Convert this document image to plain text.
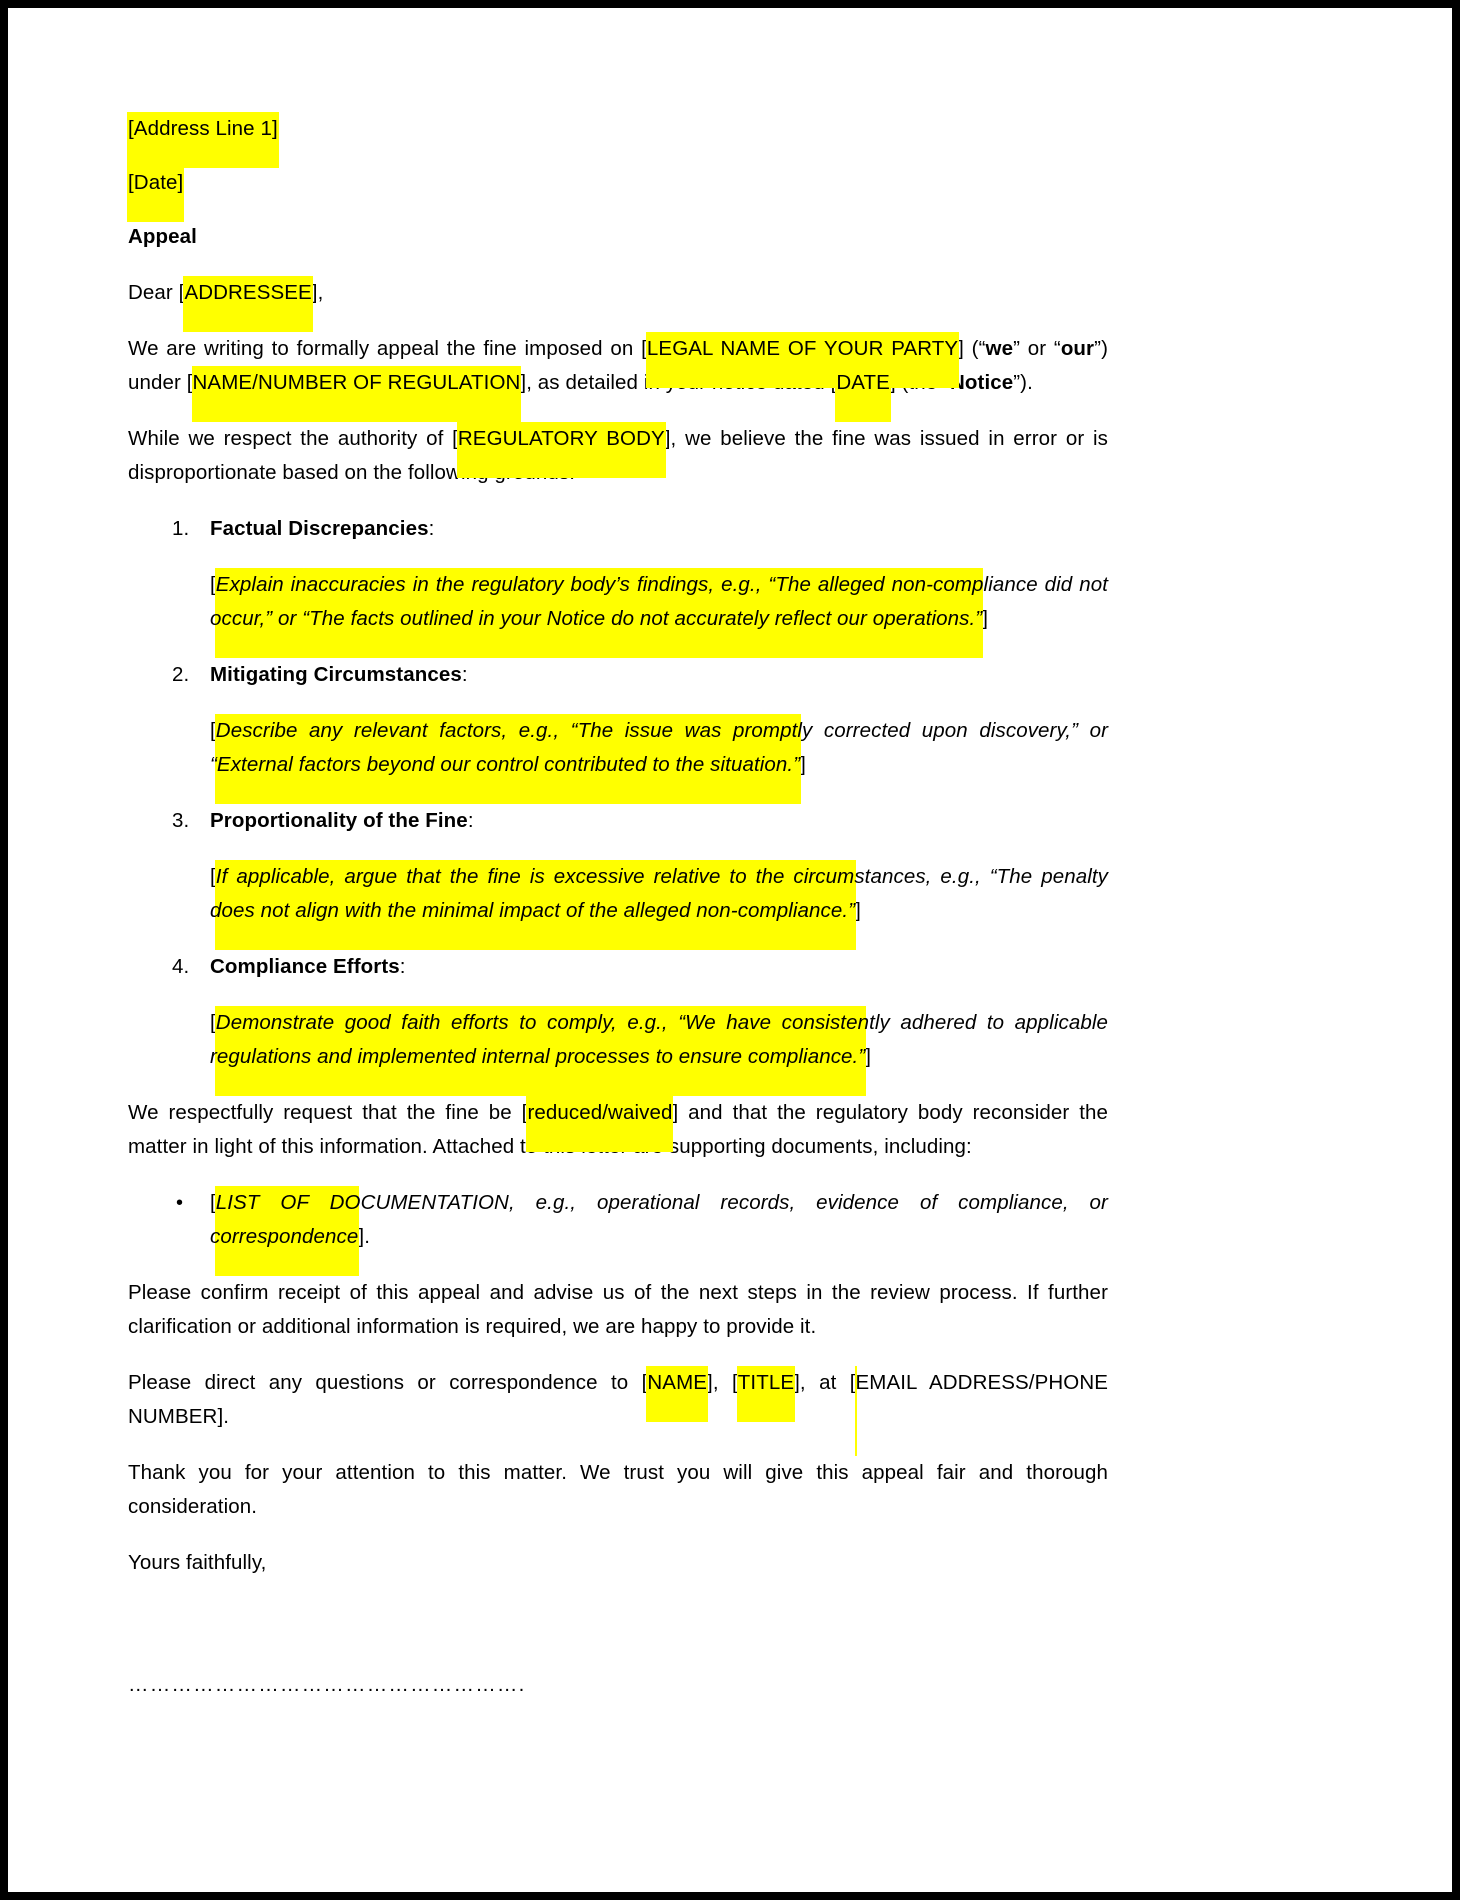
[Address Line 1]

[Date]

Appeal

Dear [ADDRESSEE],

We are writing to formally appeal the fine imposed on [LEGAL NAME OF YOUR PARTY] (“we” or “our”) under [NAME/NUMBER OF REGULATION], as detailed in your notice dated [DATE] (the “Notice”).

While we respect the authority of [REGULATORY BODY], we believe the fine was issued in error or is disproportionate based on the following grounds:

1. Factual Discrepancies:

[Explain inaccuracies in the regulatory body’s findings, e.g., “The alleged non-compliance did not occur,” or “The facts outlined in your Notice do not accurately reflect our operations.”]

2. Mitigating Circumstances:

[Describe any relevant factors, e.g., “The issue was promptly corrected upon discovery,” or “External factors beyond our control contributed to the situation.”]

3. Proportionality of the Fine:

[If applicable, argue that the fine is excessive relative to the circumstances, e.g., “The penalty does not align with the minimal impact of the alleged non-compliance.”]

4. Compliance Efforts:

[Demonstrate good faith efforts to comply, e.g., “We have consistently adhered to applicable regulations and implemented internal processes to ensure compliance.”]

We respectfully request that the fine be [reduced/waived] and that the regulatory body reconsider the matter in light of this information. Attached to this letter are supporting documents, including:

• [LIST OF DOCUMENTATION, e.g., operational records, evidence of compliance, or correspondence].

Please confirm receipt of this appeal and advise us of the next steps in the review process. If further clarification or additional information is required, we are happy to provide it.

Please direct any questions or correspondence to [NAME], [TITLE], at [EMAIL ADDRESS/PHONE NUMBER].

Thank you for your attention to this matter. We trust you will give this appeal fair and thorough consideration.

Yours faithfully,

……………………………………………….
